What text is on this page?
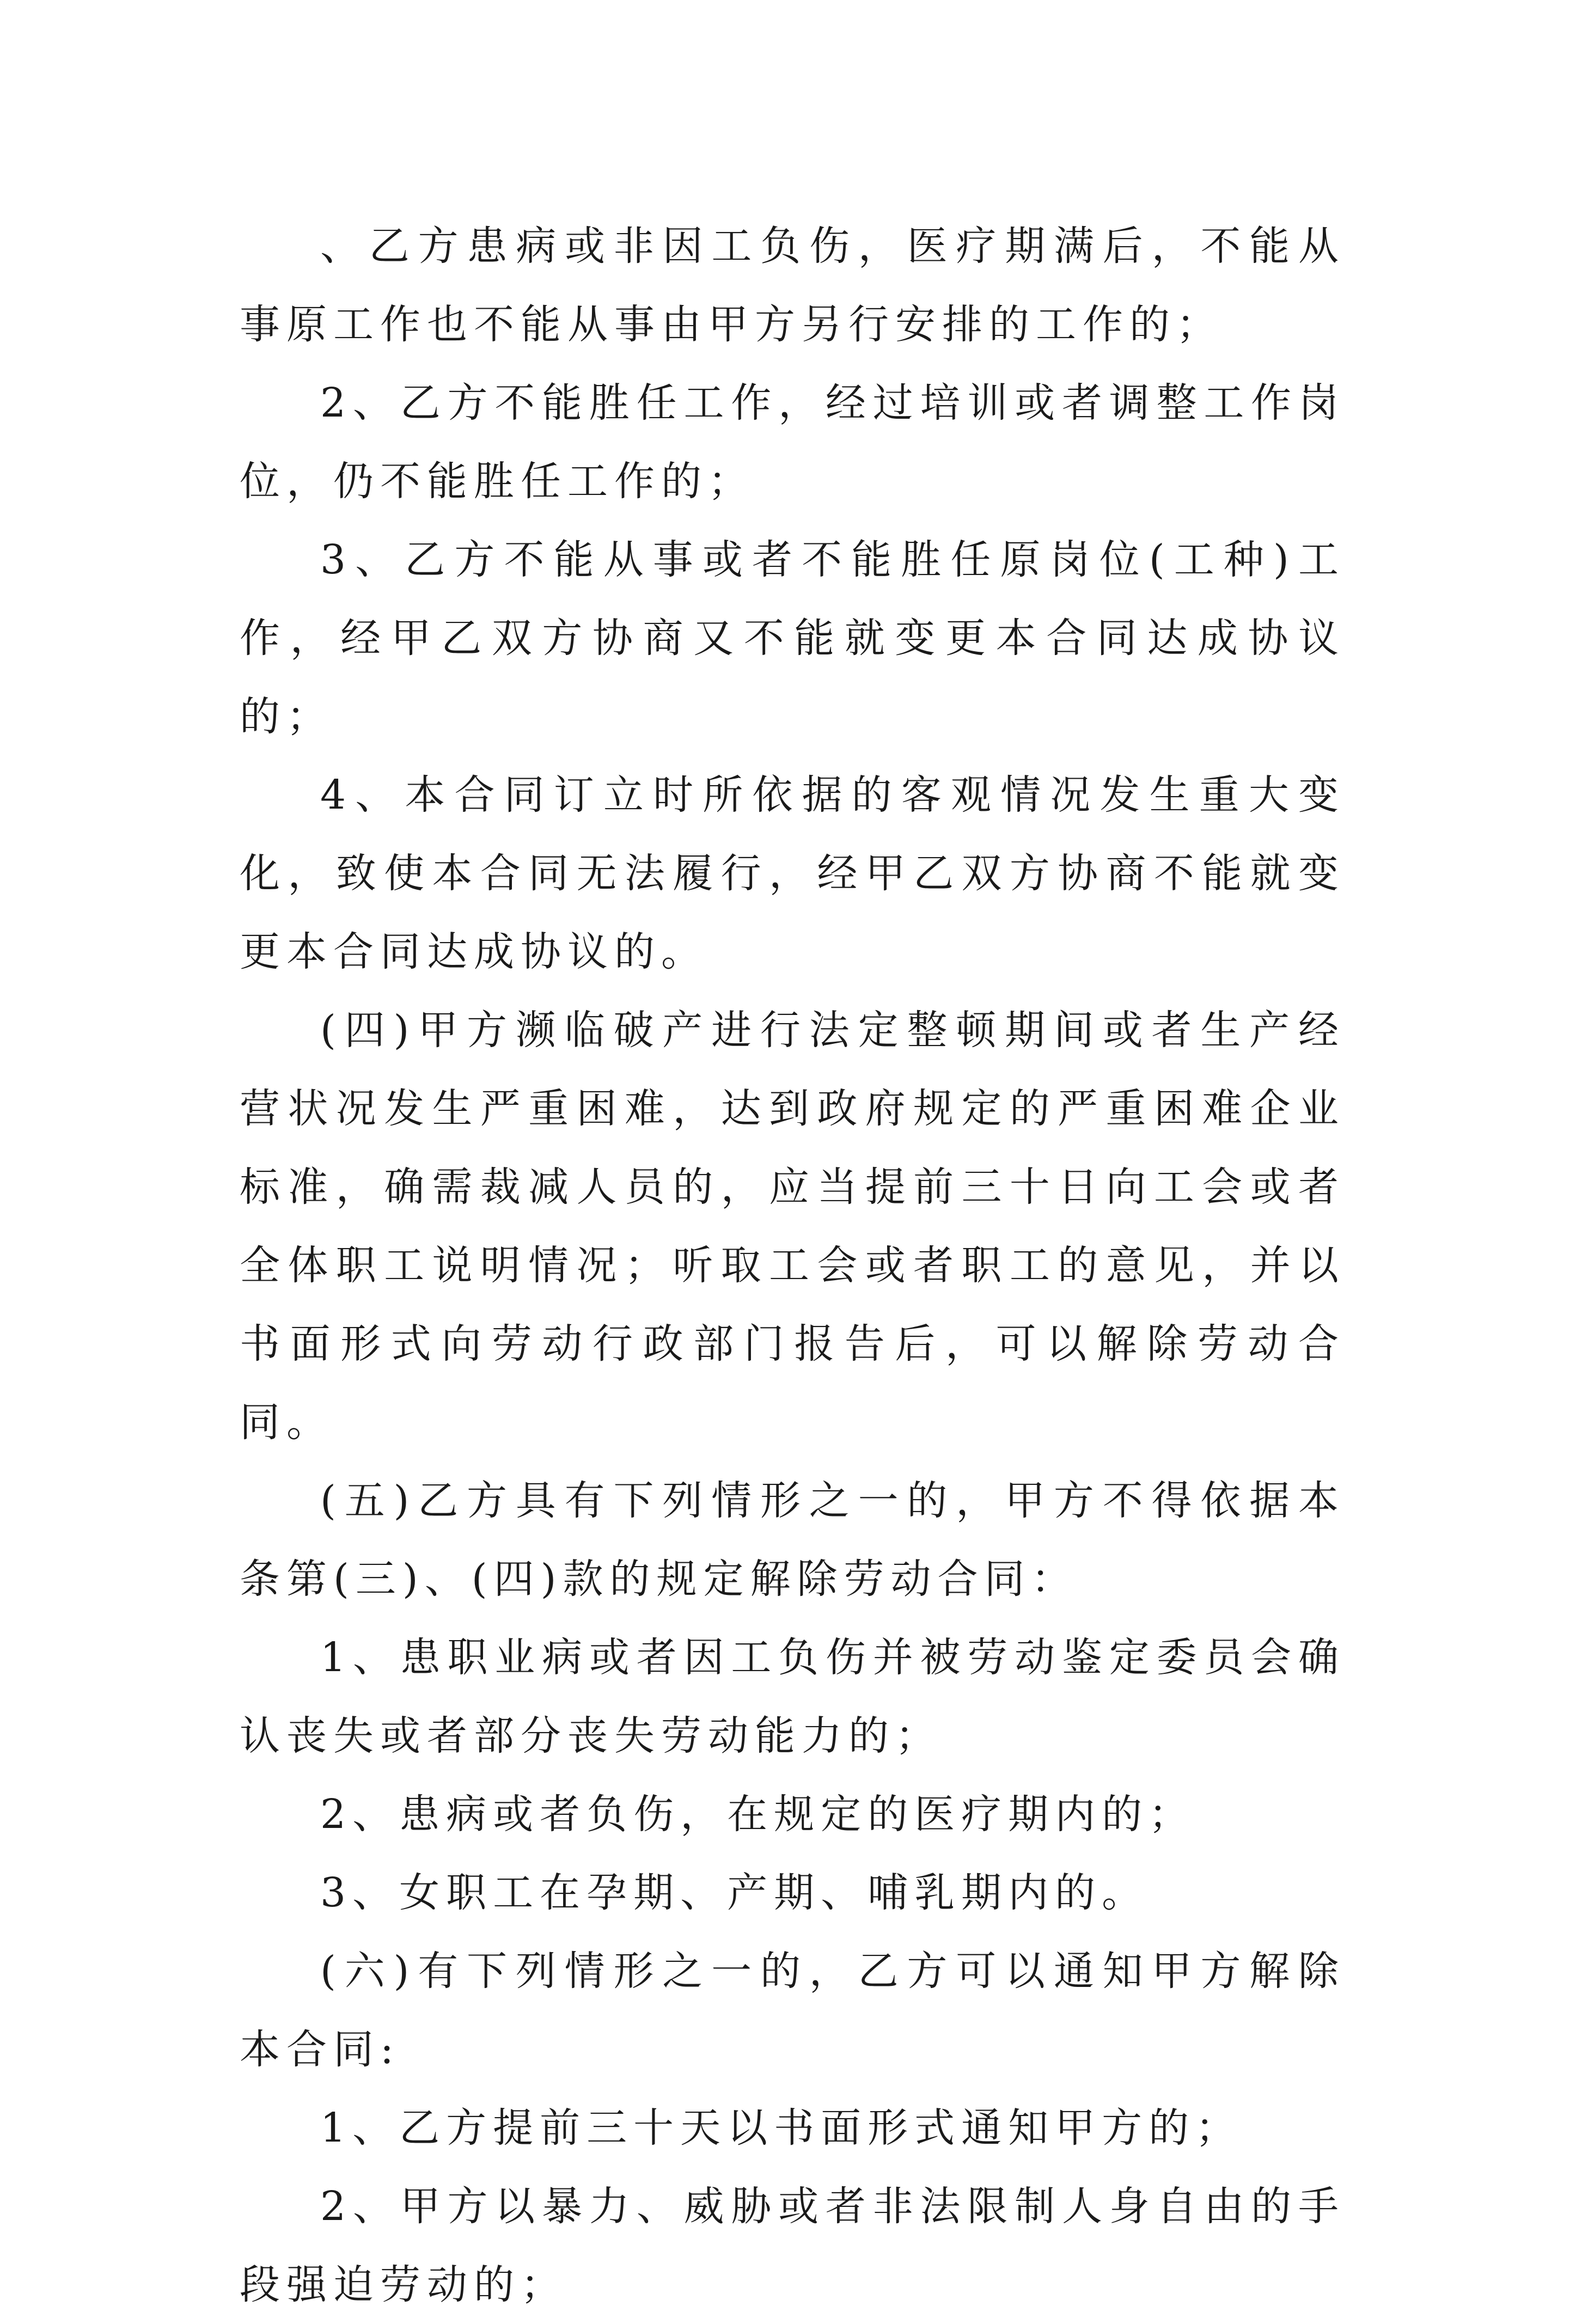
、乙方患病或非因工负伤，医疗期满后，不能从事原工作也不能从事由甲方另行安排的工作的；

2、乙方不能胜任工作，经过培训或者调整工作岗位，仍不能胜任工作的；

3、乙方不能从事或者不能胜任原岗位(工种)工作，经甲乙双方协商又不能就变更本合同达成协议的；

4、本合同订立时所依据的客观情况发生重大变化，致使本合同无法履行，经甲乙双方协商不能就变更本合同达成协议的。

(四)甲方濒临破产进行法定整顿期间或者生产经营状况发生严重困难，达到政府规定的严重困难企业标准，确需裁减人员的，应当提前三十日向工会或者全体职工说明情况；听取工会或者职工的意见，并以书面形式向劳动行政部门报告后，可以解除劳动合同。

(五)乙方具有下列情形之一的，甲方不得依据本条第(三)、(四)款的规定解除劳动合同：

1、患职业病或者因工负伤并被劳动鉴定委员会确认丧失或者部分丧失劳动能力的；

2、患病或者负伤，在规定的医疗期内的；

3、女职工在孕期、产期、哺乳期内的。

(六)有下列情形之一的，乙方可以通知甲方解除本合同:

1、乙方提前三十天以书面形式通知甲方的；

2、甲方以暴力、威胁或者非法限制人身自由的手段强迫劳动的；
